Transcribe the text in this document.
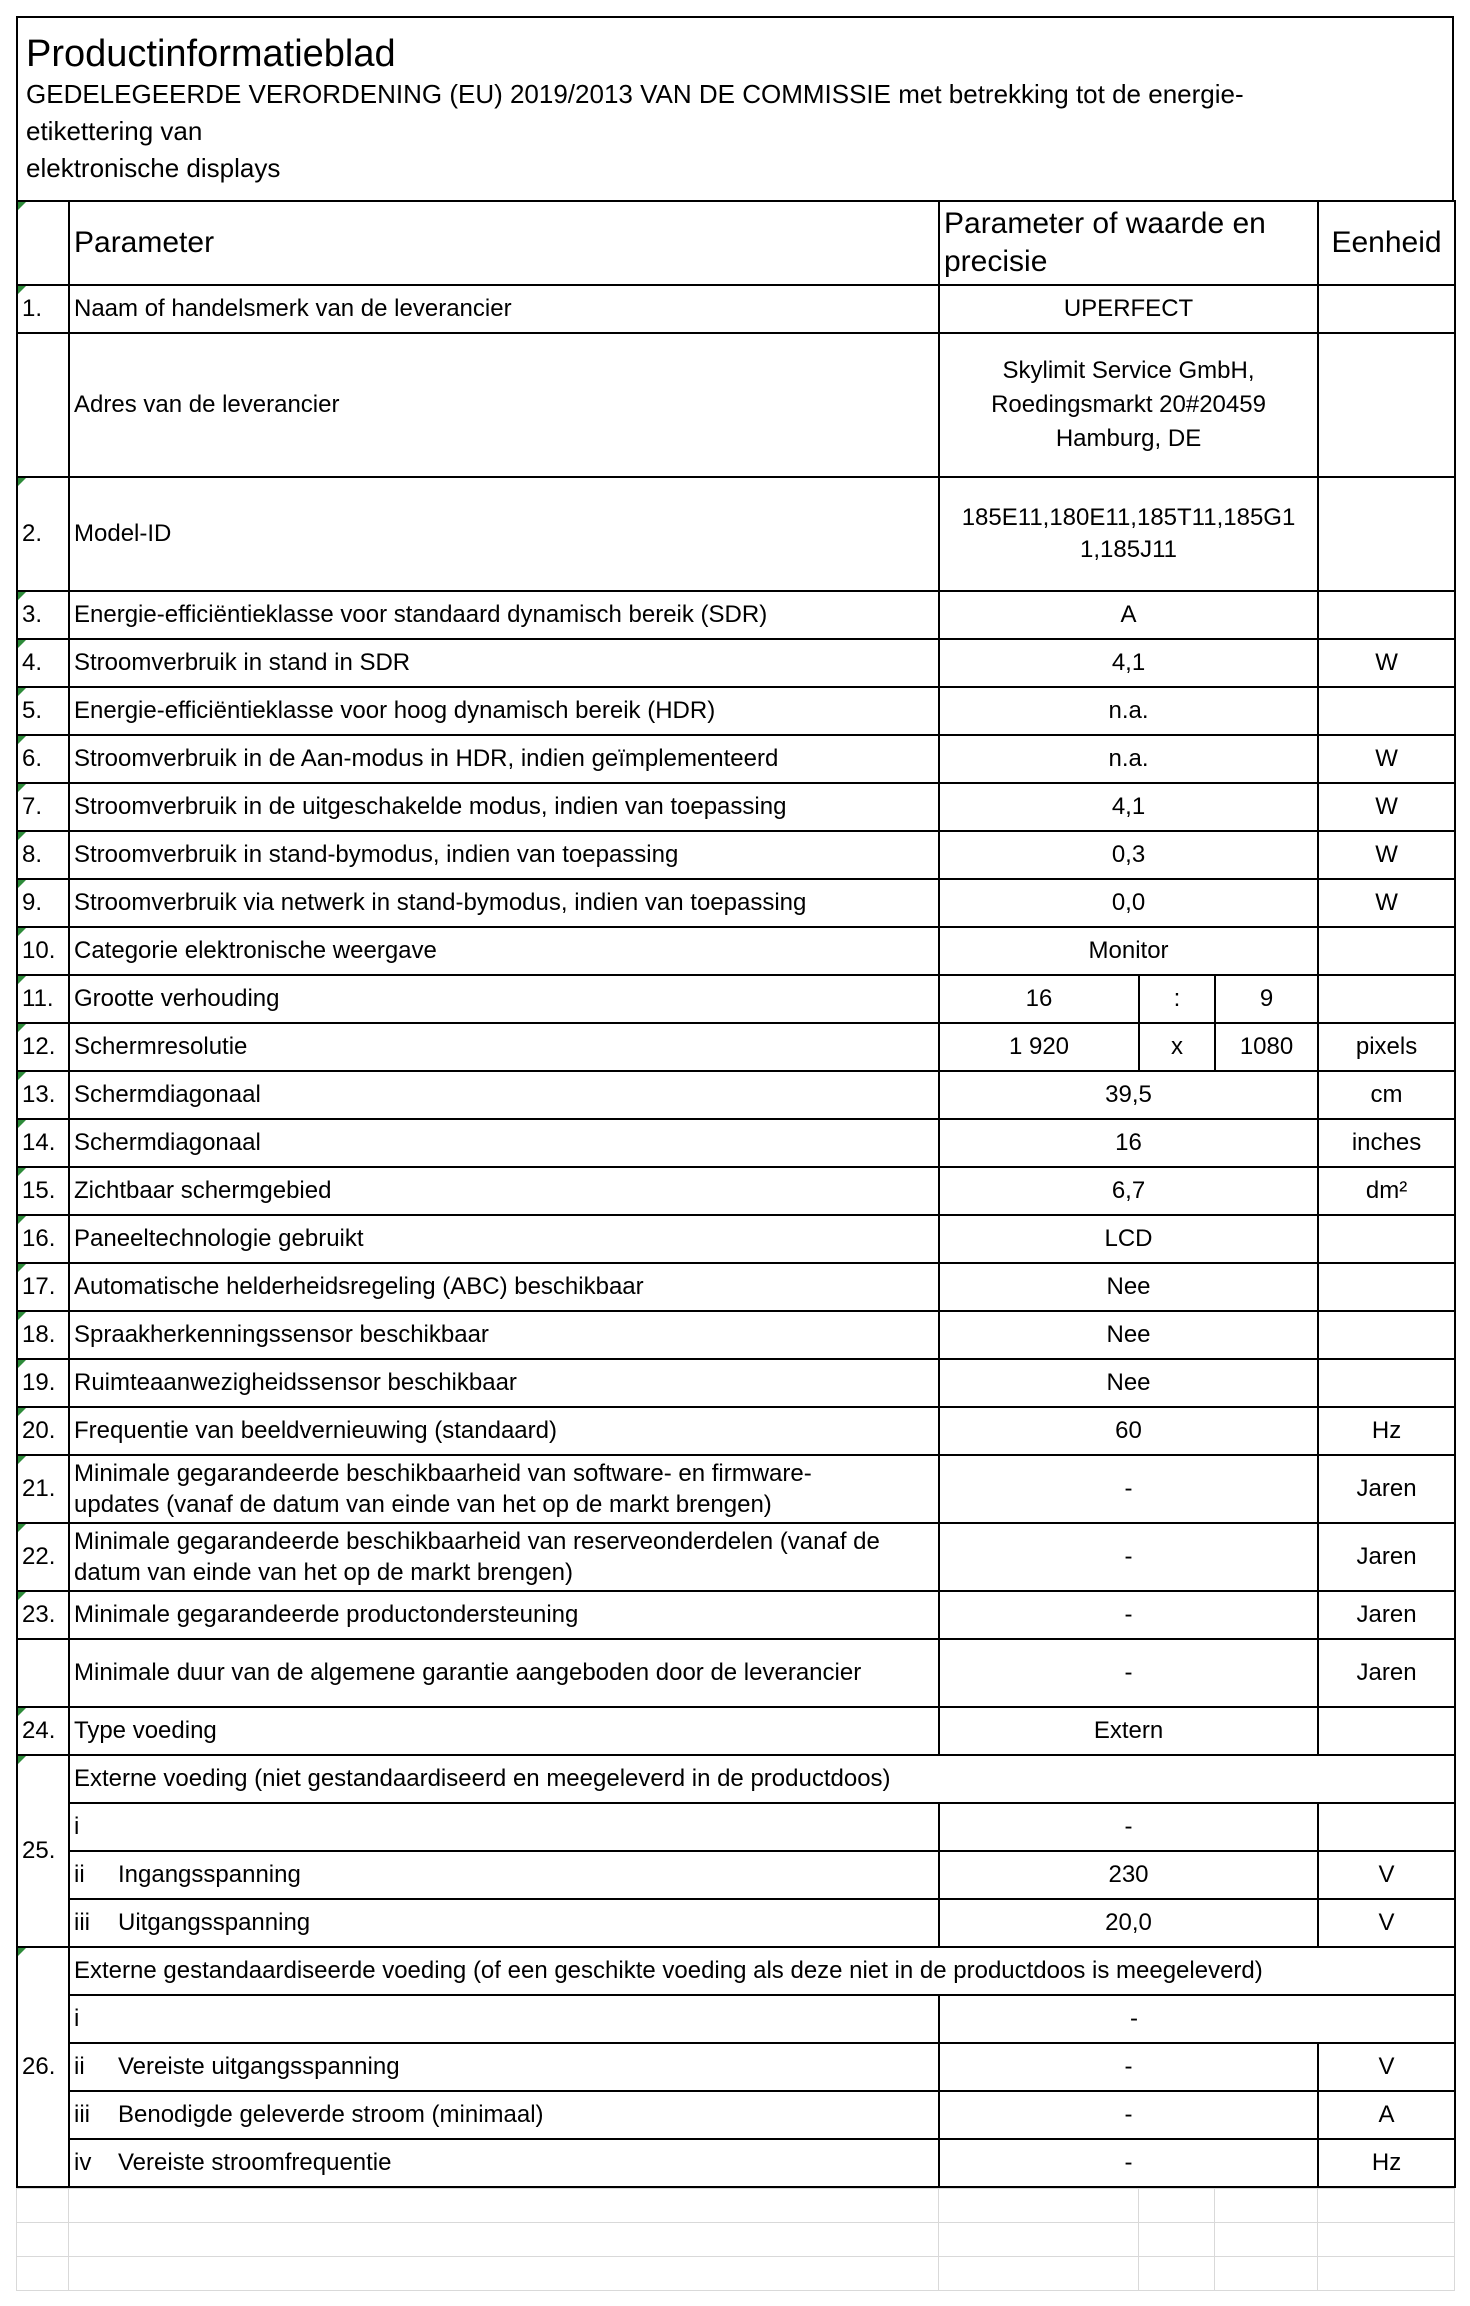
Productinformatieblad
GEDELEGEERDE VERORDENING (EU) 2019/2013 VAN DE COMMISSIE met betrekking tot de energie-
etikettering van
elektronische displays
	Parameter	Parameter of waarde en precisie			Eenheid
1.	Naam of handelsmerk van de leverancier	UPERFECT			
	Adres van de leverancier	Skylimit Service GmbH,
Roedingsmarkt 20#20459
Hamburg, DE			

2.	Model-ID	185E11,180E11,185T11,185G1
1,185J11			

3.	Energie-efficiëntieklasse voor standaard dynamisch bereik (SDR)	A			
4.	Stroomverbruik in stand in SDR	4,1			W
5.	Energie-efficiëntieklasse voor hoog dynamisch bereik (HDR)	n.a.			
6.	Stroomverbruik in de Aan-modus in HDR, indien geïmplementeerd	n.a.			W
7.	Stroomverbruik in de uitgeschakelde modus, indien van toepassing	4,1			W
8.	Stroomverbruik in stand-bymodus, indien van toepassing	0,3			W
9.	Stroomverbruik via netwerk in stand-bymodus, indien van toepassing	0,0			W
10.	Categorie elektronische weergave	Monitor			
11.	Grootte verhouding	16	:	9	
12.	Schermresolutie	1 920	x	1080	pixels
13.	Schermdiagonaal	39,5			cm
14.	Schermdiagonaal	16			inches
15.	Zichtbaar schermgebied	6,7			dm²
16.	Paneeltechnologie gebruikt	LCD			
17.	Automatische helderheidsregeling (ABC) beschikbaar	Nee			
18.	Spraakherkenningssensor beschikbaar	Nee			
19.	Ruimteaanwezigheidssensor beschikbaar	Nee			
20.	Frequentie van beeldvernieuwing (standaard)	60			Hz
21.	Minimale gegarandeerde beschikbaarheid van software- en firmware-
updates (vanaf de datum van einde van het op de markt brengen)	-			Jaren
22.	Minimale gegarandeerde beschikbaarheid van reserveonderdelen (vanaf de
datum van einde van het op de markt brengen)	-			Jaren
23.	Minimale gegarandeerde productondersteuning	-			Jaren
	Minimale duur van de algemene garantie aangeboden door de leverancier	-			Jaren
24.	Type voeding	Extern			
25.	Externe voeding (niet gestandaardiseerd en meegeleverd in de productdoos)				
	i	-			
	ii Ingangsspanning	230			V
	iii Uitgangsspanning	20,0			V
26.	Externe gestandaardiseerde voeding (of een geschikte voeding als deze niet in de productdoos is meegeleverd)				
	i	-			
	ii Vereiste uitgangsspanning	-			V
	iii Benodigde geleverde stroom (minimaal)	-			A
	iv Vereiste stroomfrequentie	-			Hz
